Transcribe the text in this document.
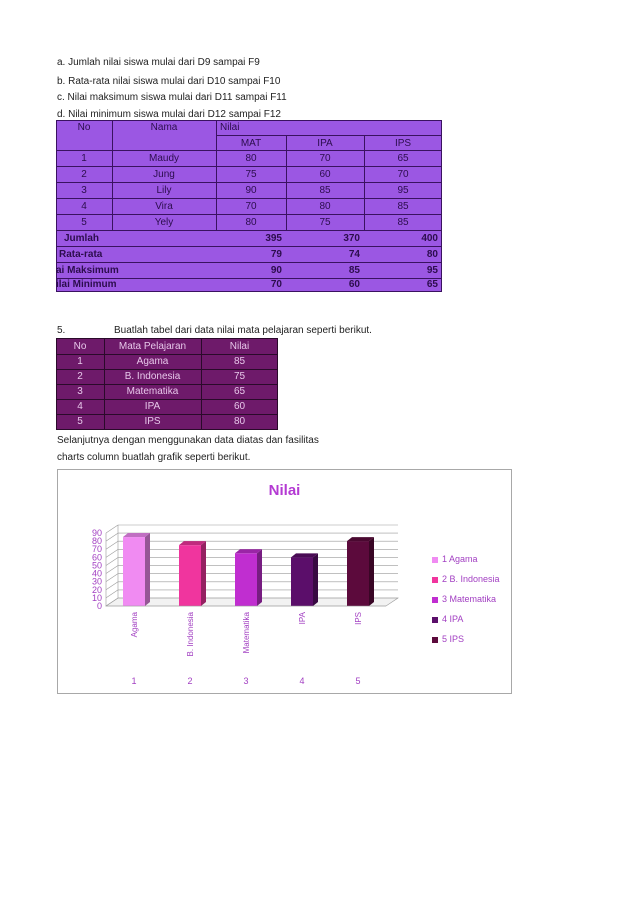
a. Jumlah nilai siswa mulai dari D9 sampai F9
b. Rata-rata nilai siswa mulai dari D10 sampai F10
c. Nilai maksimum siswa mulai dari D11 sampai F11
d. Nilai minimum siswa mulai dari D12 sampai F12
No	Nama	Nilai
MAT	IPA	IPS
1	Maudy	80	70	65
2	Jung	75	60	70
3	Lily	90	85	95
4	Vira	70	80	85
5	Yely	80	75	85
Jumlah	395	370	400
Rata-rata	79	74	80
ai Maksimum	90	85	95
ilai Minimum	70	60	65
5.	Buatlah tabel dari data nilai mata pelajaran seperti berikut.
No	Mata Pelajaran	Nilai
1	Agama	85
2	B. Indonesia	75
3	Matematika	65
4	IPA	60
5	IPS	80
Selanjutnya dengan menggunakan data diatas dan fasilitas
charts column buatlah grafik seperti berikut.
Nilai
0
10
20
30
40
50
60
70
80
90
Agama
1
B. Indonesia
2
Matematika
3
IPA
4
IPS
5
1 Agama
2 B. Indonesia
3 Matematika
4 IPA
5 IPS
